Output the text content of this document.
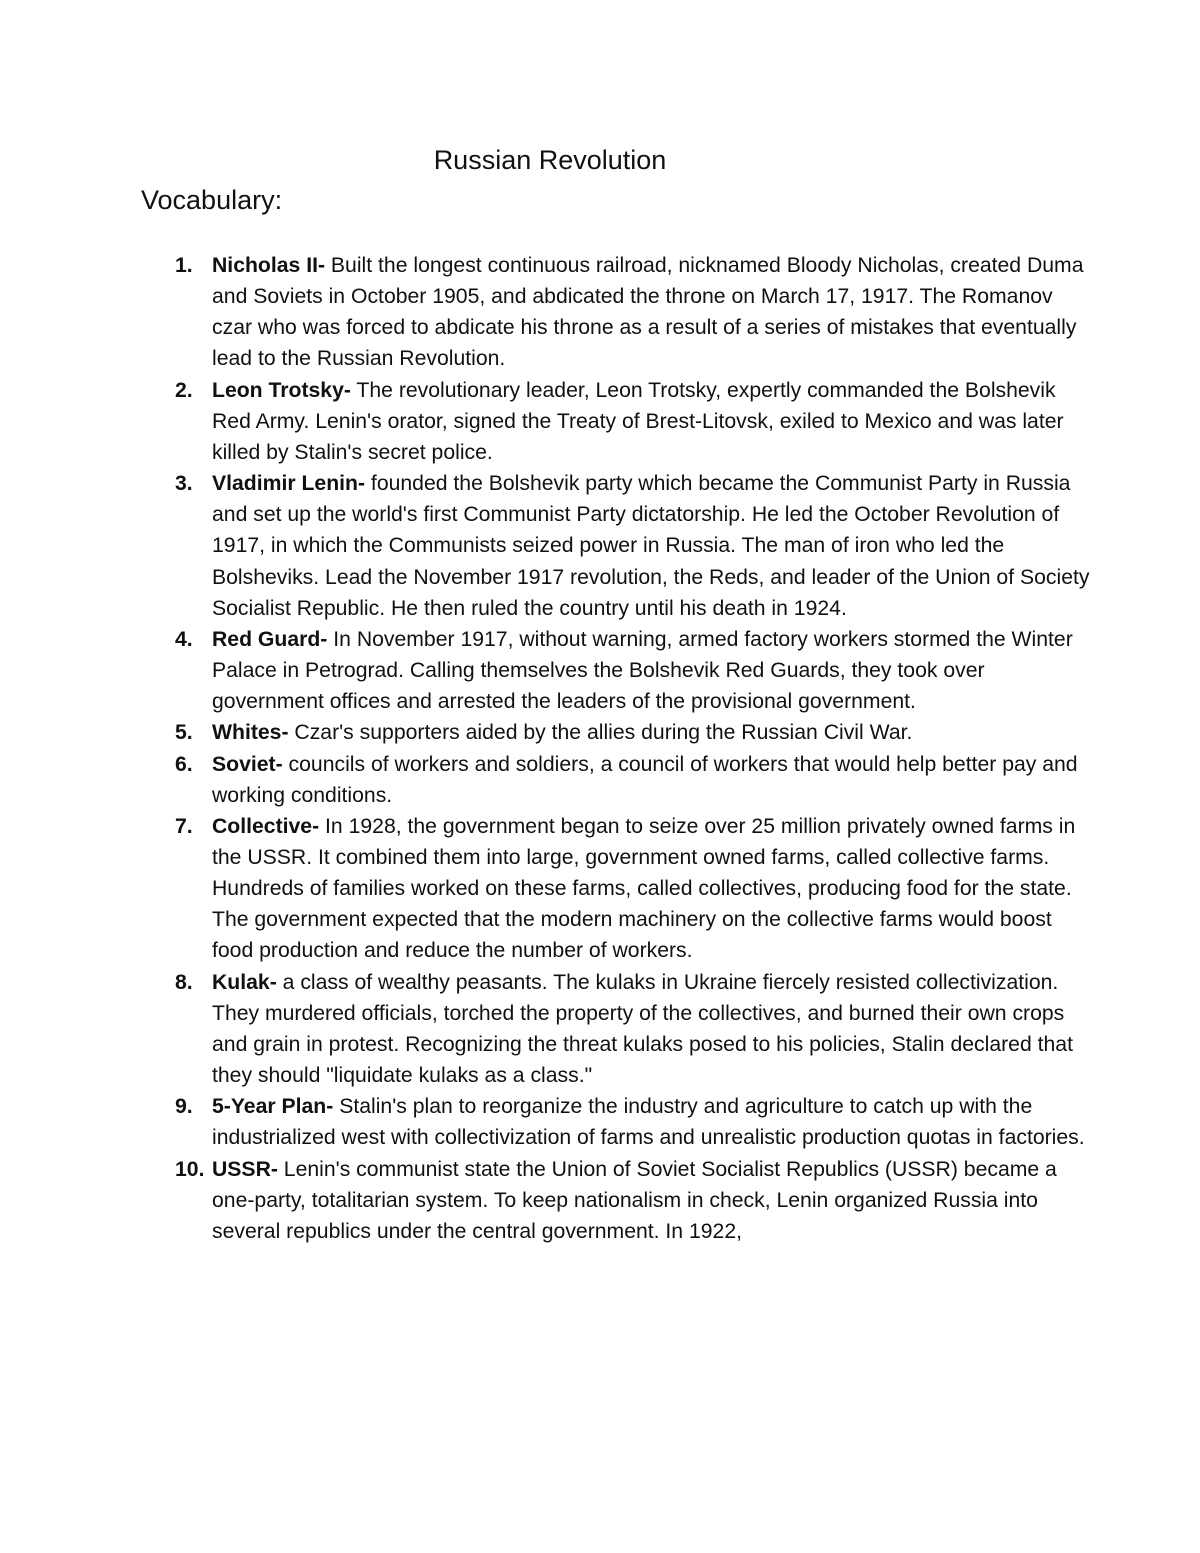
Russian Revolution
Vocabulary:
1. Nicholas II- Built the longest continuous railroad, nicknamed Bloody Nicholas, created Duma and Soviets in October 1905, and abdicated the throne on March 17, 1917. The Romanov czar who was forced to abdicate his throne as a result of a series of mistakes that eventually lead to the Russian Revolution.
2. Leon Trotsky- The revolutionary leader, Leon Trotsky, expertly commanded the Bolshevik Red Army. Lenin's orator, signed the Treaty of Brest-Litovsk, exiled to Mexico and was later killed by Stalin's secret police.
3. Vladimir Lenin- founded the Bolshevik party which became the Communist Party in Russia and set up the world's first Communist Party dictatorship. He led the October Revolution of 1917, in which the Communists seized power in Russia. The man of iron who led the Bolsheviks. Lead the November 1917 revolution, the Reds, and leader of the Union of Society Socialist Republic. He then ruled the country until his death in 1924.
4. Red Guard- In November 1917, without warning, armed factory workers stormed the Winter Palace in Petrograd. Calling themselves the Bolshevik Red Guards, they took over government offices and arrested the leaders of the provisional government.
5. Whites- Czar's supporters aided by the allies during the Russian Civil War.
6. Soviet- councils of workers and soldiers, a council of workers that would help better pay and working conditions.
7. Collective- In 1928, the government began to seize over 25 million privately owned farms in the USSR. It combined them into large, government owned farms, called collective farms. Hundreds of families worked on these farms, called collectives, producing food for the state. The government expected that the modern machinery on the collective farms would boost food production and reduce the number of workers.
8. Kulak- a class of wealthy peasants. The kulaks in Ukraine fiercely resisted collectivization. They murdered officials, torched the property of the collectives, and burned their own crops and grain in protest. Recognizing the threat kulaks posed to his policies, Stalin declared that they should "liquidate kulaks as a class."
9. 5-Year Plan- Stalin's plan to reorganize the industry and agriculture to catch up with the industrialized west with collectivization of farms and unrealistic production quotas in factories.
10. USSR- Lenin's communist state the Union of Soviet Socialist Republics (USSR) became a one-party, totalitarian system. To keep nationalism in check, Lenin organized Russia into several republics under the central government. In 1922,
